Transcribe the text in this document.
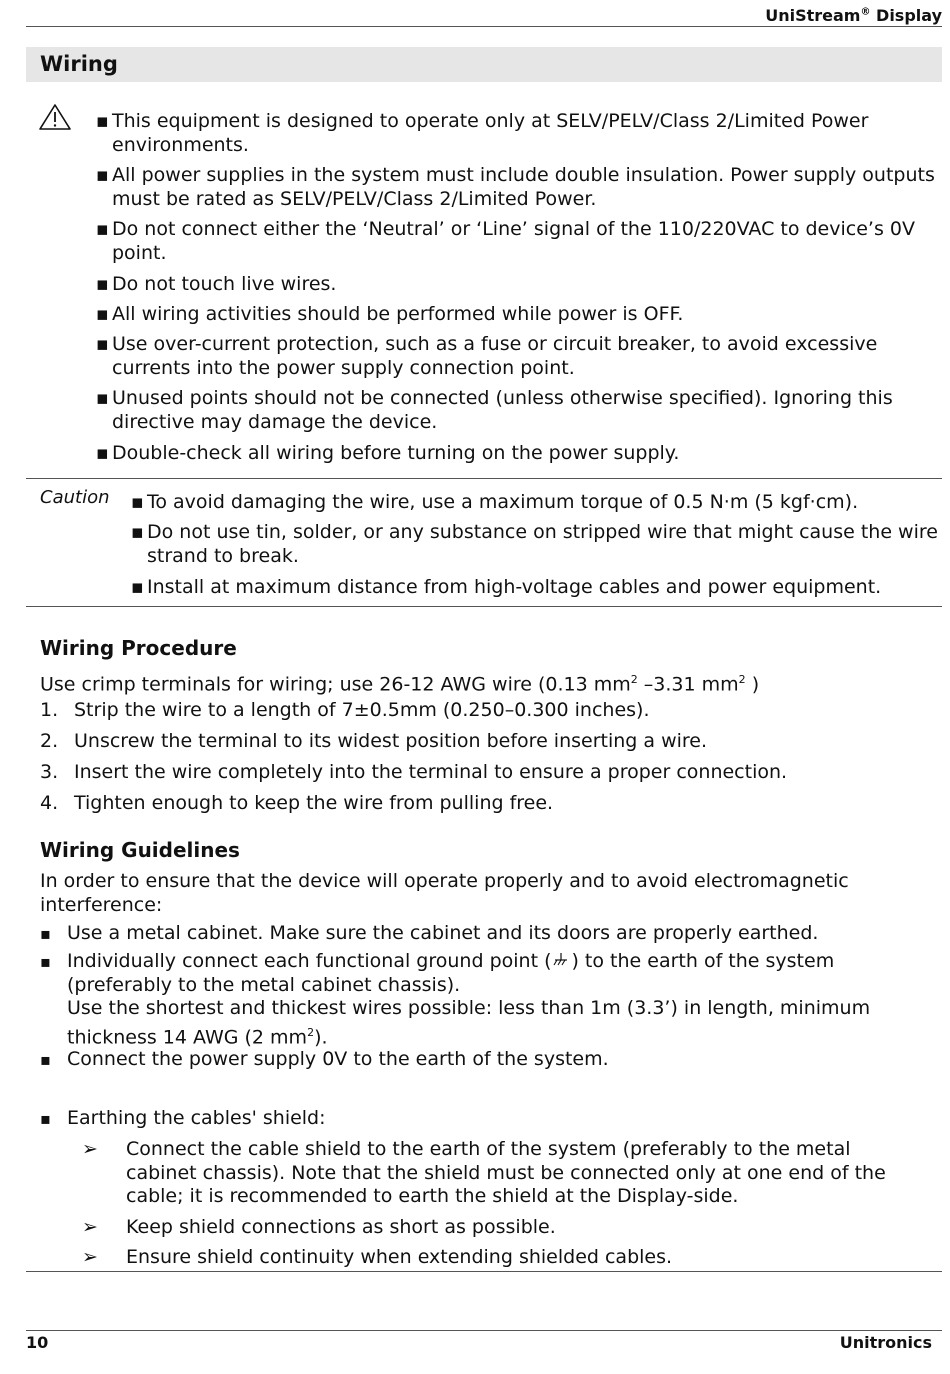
UniStream® Display
Wiring
▪ This equipment is designed to operate only at SELV/PELV/Class 2/Limited Power environments.
▪ All power supplies in the system must include double insulation. Power supply outputs must be rated as SELV/PELV/Class 2/Limited Power.
▪ Do not connect either the ‘Neutral’ or ‘Line’ signal of the 110/220VAC to device’s 0V point.
▪ Do not touch live wires.
▪ All wiring activities should be performed while power is OFF.
▪ Use over-current protection, such as a fuse or circuit breaker, to avoid excessive currents into the power supply connection point.
▪ Unused points should not be connected (unless otherwise specified). Ignoring this directive may damage the device.
▪ Double-check all wiring before turning on the power supply.
Caution ▪ To avoid damaging the wire, use a maximum torque of 0.5 N·m (5 kgf·cm).
▪ Do not use tin, solder, or any substance on stripped wire that might cause the wire strand to break.
▪ Install at maximum distance from high-voltage cables and power equipment.
Wiring Procedure
Use crimp terminals for wiring; use 26-12 AWG wire (0.13 $mm^2$ –3.31 $mm^2$ )
1. Strip the wire to a length of 7±0.5mm (0.250–0.300 inches).
2. Unscrew the terminal to its widest position before inserting a wire.
3. Insert the wire completely into the terminal to ensure a proper connection.
4. Tighten enough to keep the wire from pulling free.
Wiring Guidelines
In order to ensure that the device will operate properly and to avoid electromagnetic interference:
▪ Use a metal cabinet. Make sure the cabinet and its doors are properly earthed.
▪ Individually connect each functional ground point ( ) to the earth of the system (preferably to the metal cabinet chassis).
Use the shortest and thickest wires possible: less than 1m (3.3’) in length, minimum thickness 14 AWG (2 $mm^2$).
▪ Connect the power supply 0V to the earth of the system.
▪ Earthing the cables' shield:
➢ Connect the cable shield to the earth of the system (preferably to the metal cabinet chassis). Note that the shield must be connected only at one end of the cable; it is recommended to earth the shield at the Display-side.
➢ Keep shield connections as short as possible.
➢ Ensure shield continuity when extending shielded cables.
10	Unitronics
